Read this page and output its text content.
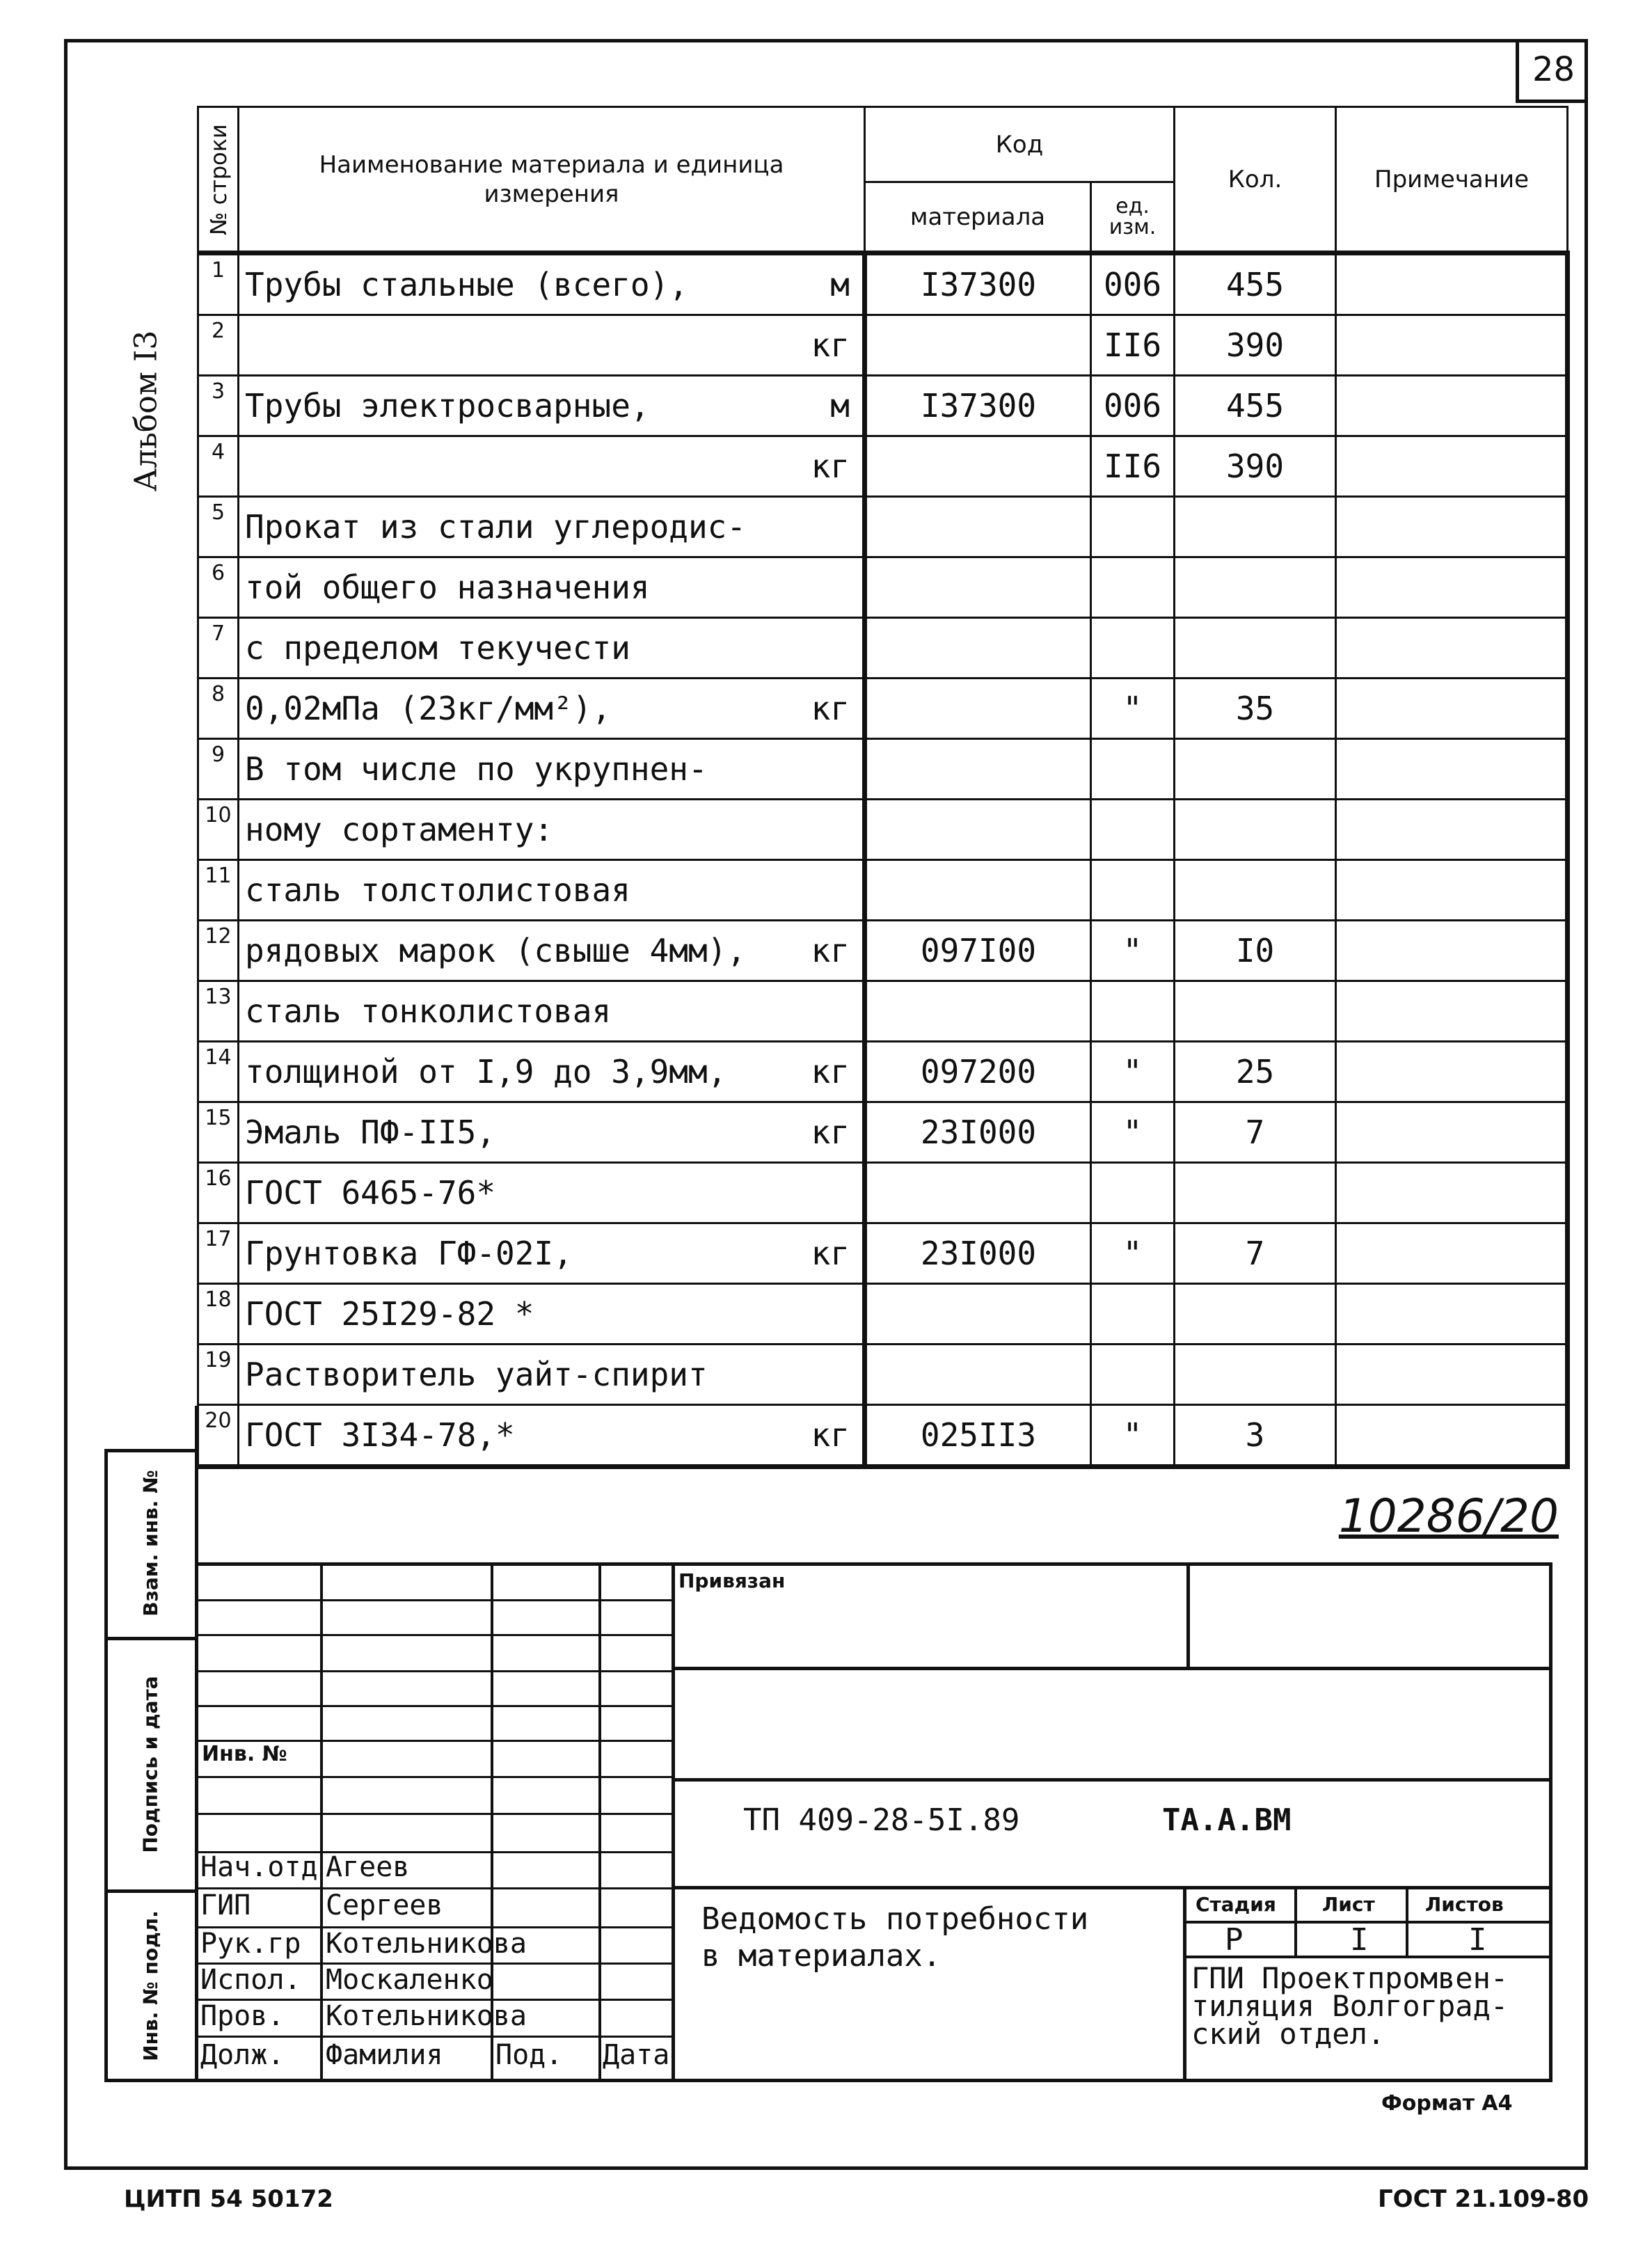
28
Альбом I3
№ строки	Наименование материала и единица измерения	Код		Кол.	Примечание
		материала	ед. изм.		
1	Трубы стальные (всего), м	I37300	006	455	
2	кг		II6	390	
3	Трубы электросварные, м	I37300	006	455	
4	кг		II6	390	
5	Прокат из стали углеродис-

6	той общего назначения

7	с пределом текучести

8	0,02мПа (23кг/мм²), кг		"	35	
9	В том числе по укрупнен-

10	ному сортаменту:

11	сталь толстолистовая

12	рядовых марок (свыше 4мм), кг	097I00	"	I0	
13	сталь тонколистовая

14	толщиной от I,9 до 3,9мм, кг	097200	"	25	
15	Эмаль ПФ-II5, кг	23I000	"	7	
16	ГОСТ 6465-76*

17	Грунтовка ГФ-02I, кг	23I000	"	7	
18	ГОСТ 25I29-82 *

19	Растворитель уайт-спирит

20	ГОСТ 3I34-78,* кг	025II3	"	3	
10286/20
Взам. инв. №
Подпись и дата
Инв. № подл.
Привязан
Инв. №
ТП 409-28-5I.89	ТА.А.ВМ
Ведомость потребности
в материалах.
Стадия Лист	Листов
Р	I	I
ГПИ Проектпромвен-
тиляция Волгоград-
ский отдел.
Нач.отд Агеев
ГИП	Сергеев
Рук.гр Котельникова
Испол. Москаленко
Пров. Котельникова
Долж. Фамилия Под. Дата
Формат А4
ЦИТП 54 50172	ГОСТ 21.109-80
